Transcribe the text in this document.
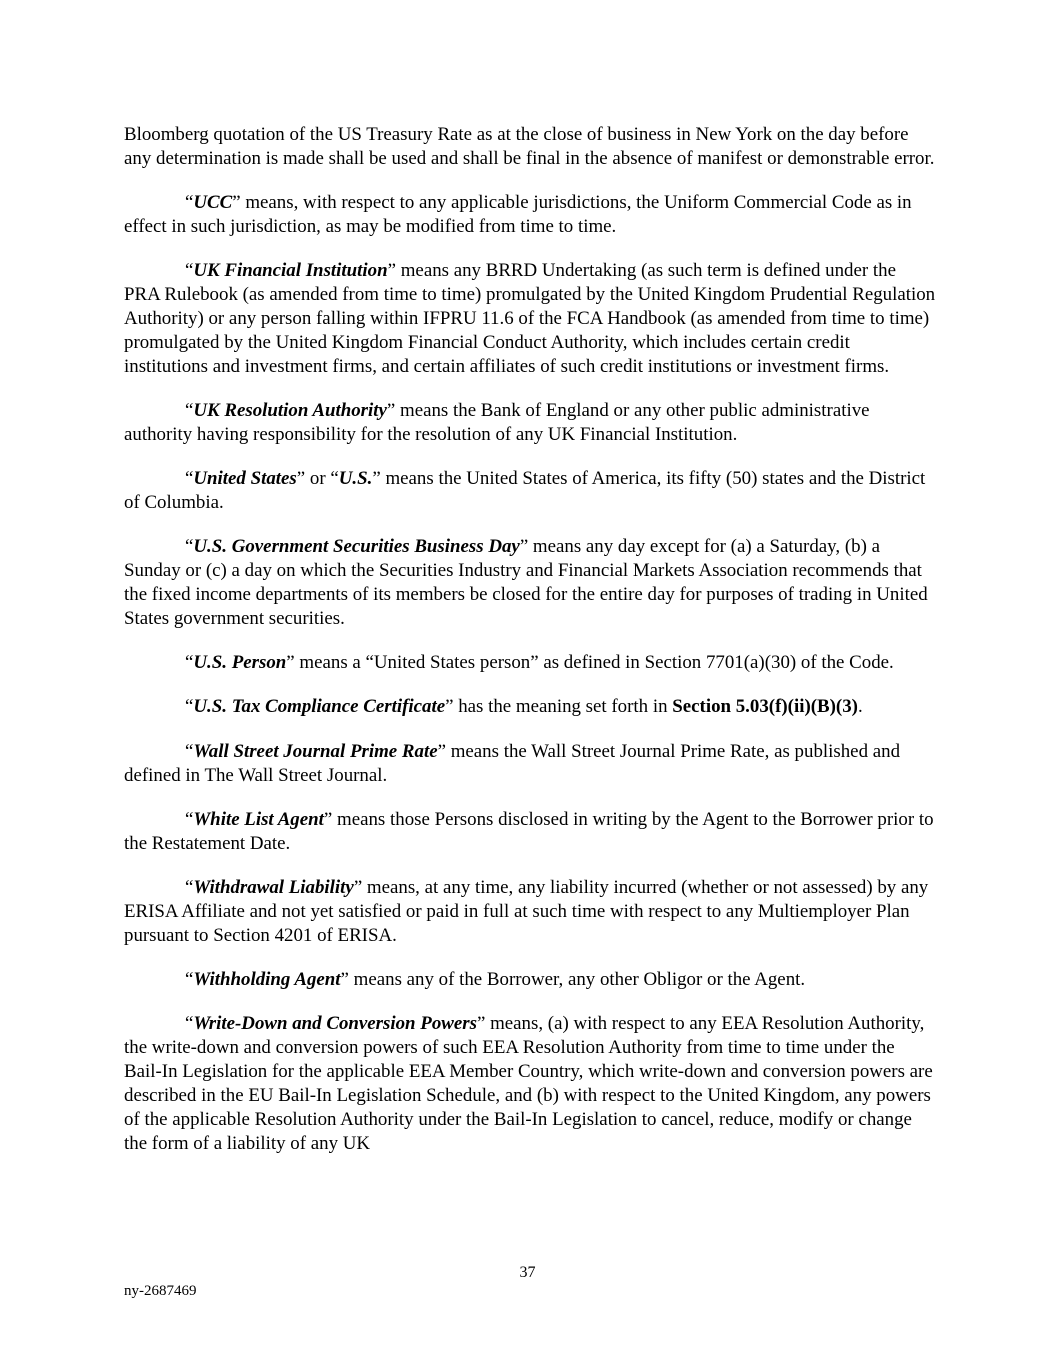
Bloomberg quotation of the US Treasury Rate as at the close of business in New York on the day before any determination is made shall be used and shall be final in the absence of manifest or demonstrable error.

“UCC” means, with respect to any applicable jurisdictions, the Uniform Commercial Code as in effect in such jurisdiction, as may be modified from time to time.

“UK Financial Institution” means any BRRD Undertaking (as such term is defined under the PRA Rulebook (as amended from time to time) promulgated by the United Kingdom Prudential Regulation Authority) or any person falling within IFPRU 11.6 of the FCA Handbook (as amended from time to time) promulgated by the United Kingdom Financial Conduct Authority, which includes certain credit institutions and investment firms, and certain affiliates of such credit institutions or investment firms.

“UK Resolution Authority” means the Bank of England or any other public administrative authority having responsibility for the resolution of any UK Financial Institution.

“United States” or “U.S.” means the United States of America, its fifty (50) states and the District of Columbia.

“U.S. Government Securities Business Day” means any day except for (a) a Saturday, (b) a Sunday or (c) a day on which the Securities Industry and Financial Markets Association recommends that the fixed income departments of its members be closed for the entire day for purposes of trading in United States government securities.

“U.S. Person” means a “United States person” as defined in Section 7701(a)(30) of the Code.

“U.S. Tax Compliance Certificate” has the meaning set forth in Section 5.03(f)(ii)(B)(3).

“Wall Street Journal Prime Rate” means the Wall Street Journal Prime Rate, as published and defined in The Wall Street Journal.

“White List Agent” means those Persons disclosed in writing by the Agent to the Borrower prior to the Restatement Date.

“Withdrawal Liability” means, at any time, any liability incurred (whether or not assessed) by any ERISA Affiliate and not yet satisfied or paid in full at such time with respect to any Multiemployer Plan pursuant to Section 4201 of ERISA.

“Withholding Agent” means any of the Borrower, any other Obligor or the Agent.

“Write-Down and Conversion Powers” means, (a) with respect to any EEA Resolution Authority, the write-down and conversion powers of such EEA Resolution Authority from time to time under the Bail-In Legislation for the applicable EEA Member Country, which write-down and conversion powers are described in the EU Bail-In Legislation Schedule, and (b) with respect to the United Kingdom, any powers of the applicable Resolution Authority under the Bail-In Legislation to cancel, reduce, modify or change the form of a liability of any UK

37
ny-2687469
